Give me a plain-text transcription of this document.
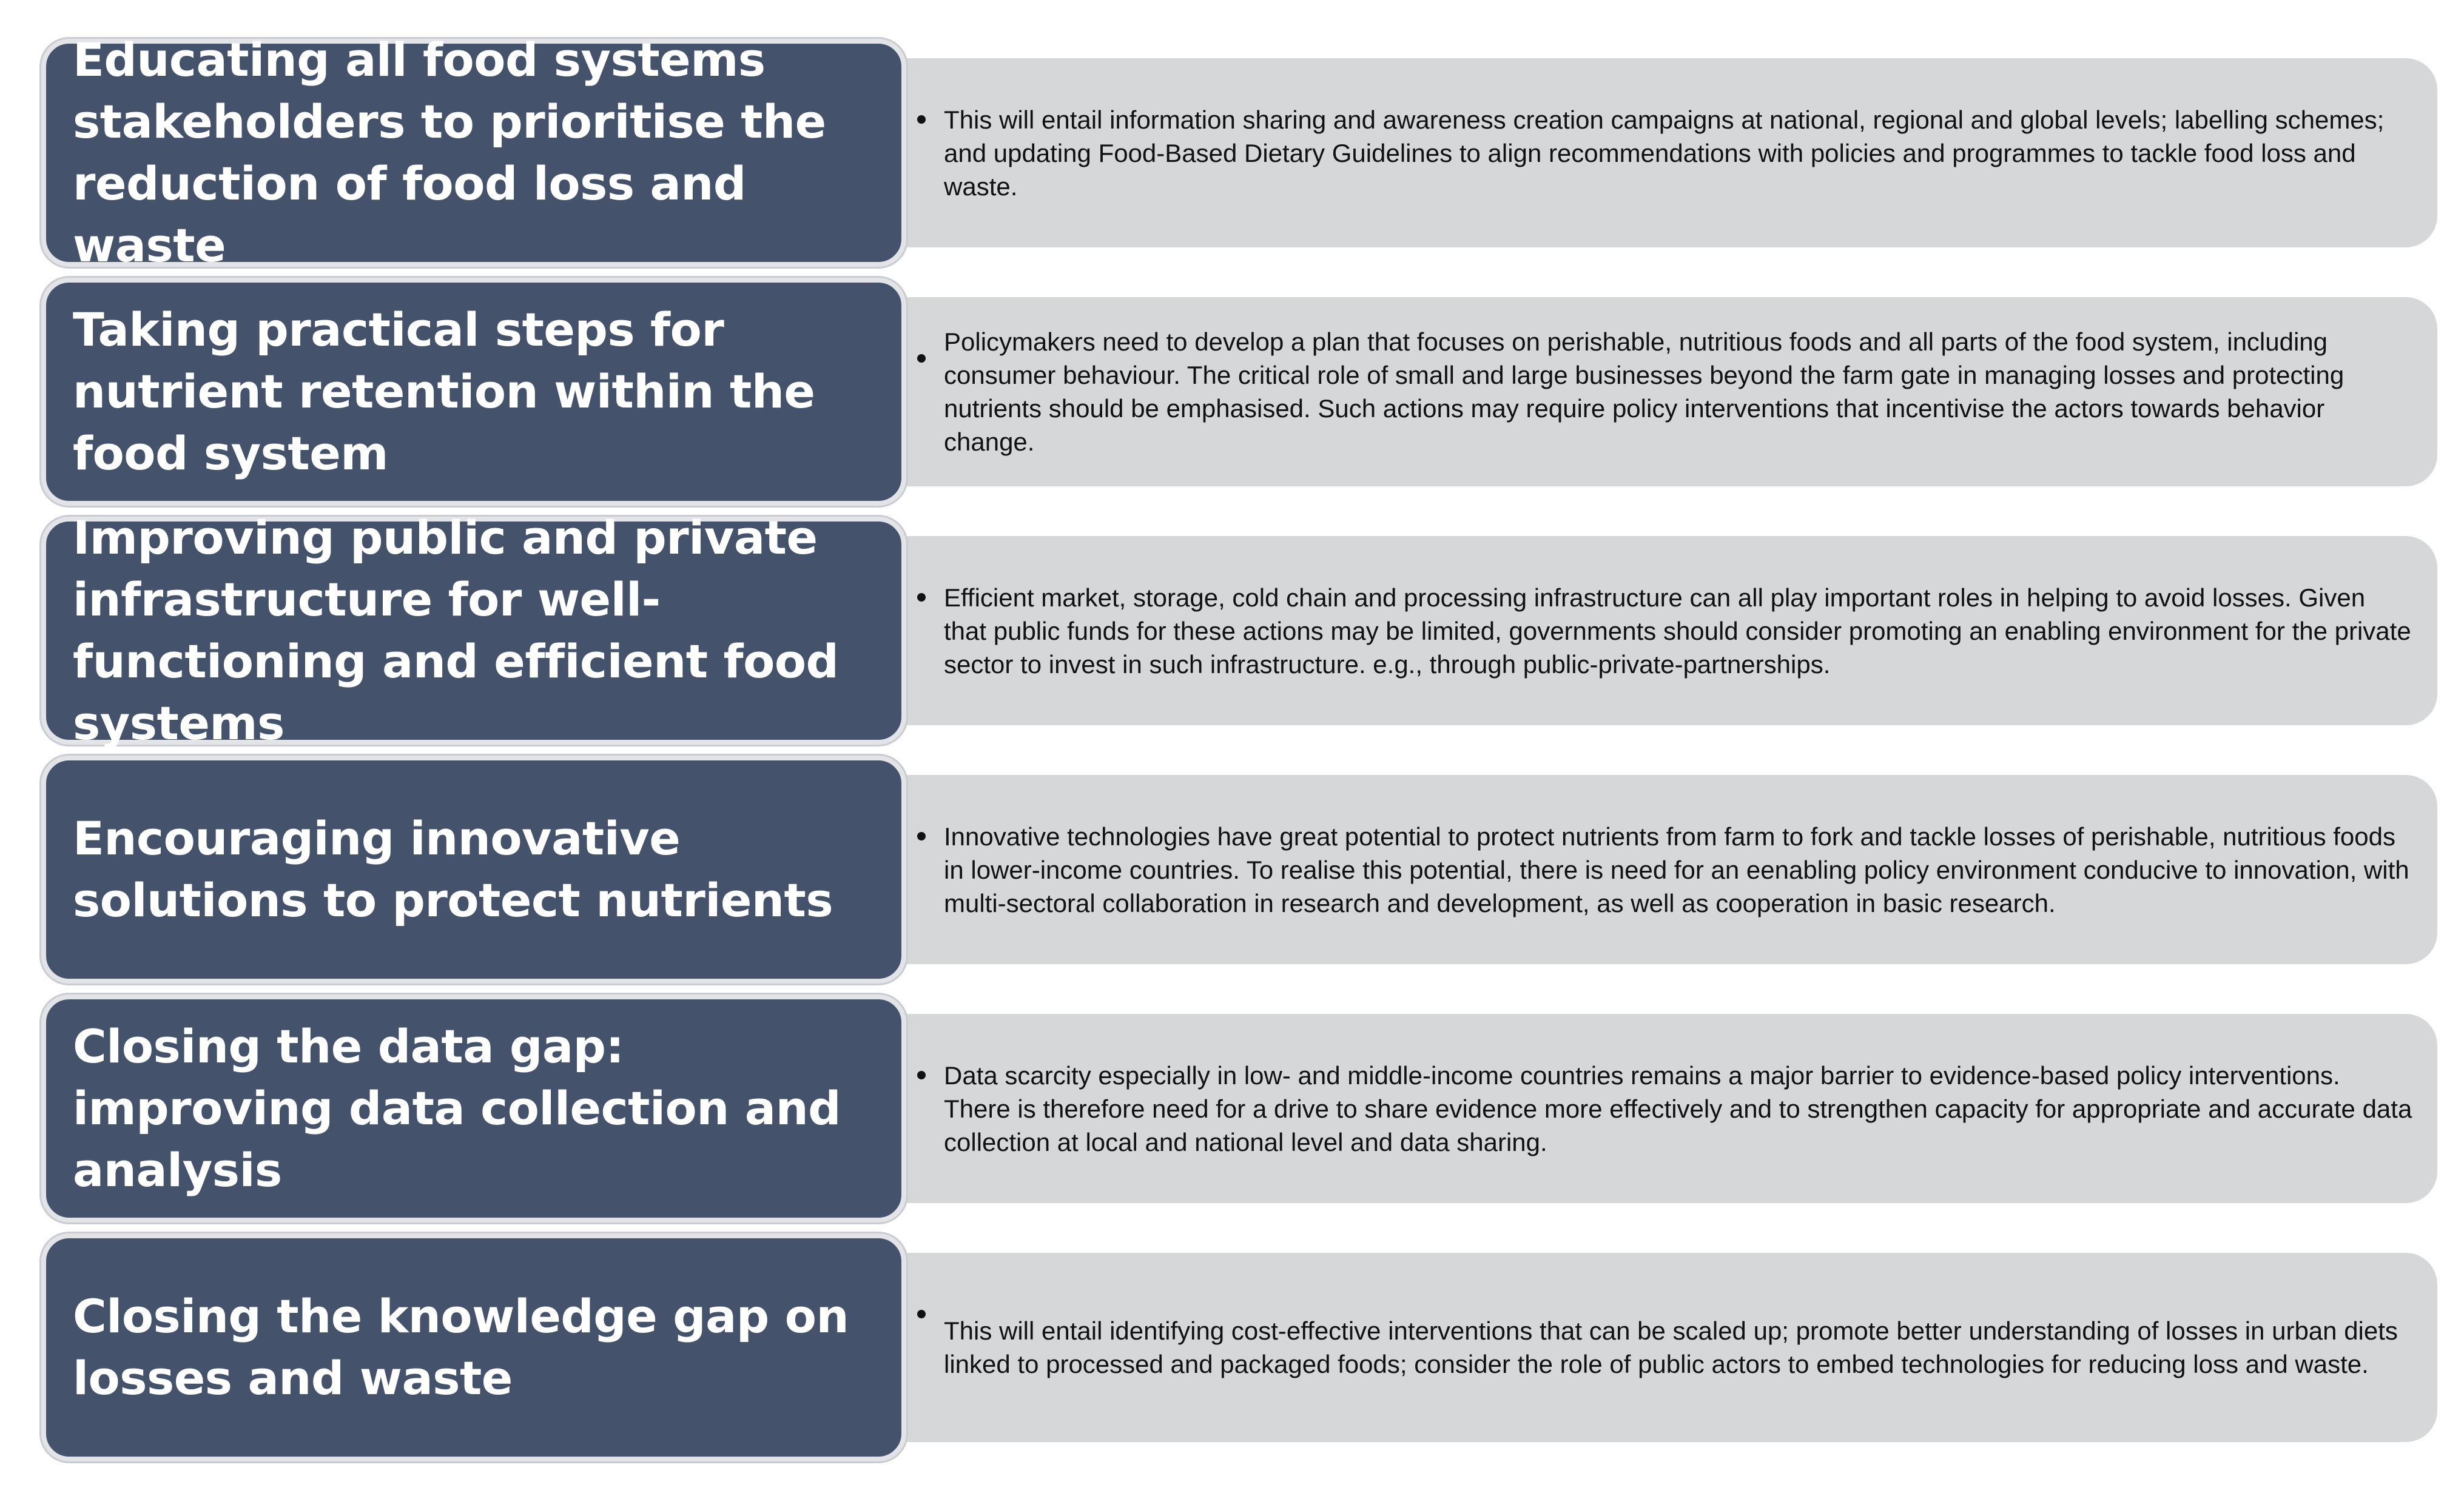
This will entail information sharing and awareness creation campaigns at national, regional and global levels; labelling schemes; and updating Food-Based Dietary Guidelines to align recommendations with policies and programmes to tackle food loss and waste.

Educating all food systems stakeholders to prioritise the reduction of food loss and waste

Policymakers need to develop a plan that focuses on perishable, nutritious foods and all parts of the food system, including consumer behaviour. The critical role of small and large businesses beyond the farm gate in managing losses and protecting nutrients should be emphasised. Such actions may require policy interventions that incentivise the actors towards behavior change.

Taking practical steps for nutrient retention within the food system

Efficient market, storage, cold chain and processing infrastructure can all play important roles in helping to avoid losses. Given that public funds for these actions may be limited, governments should consider promoting an enabling environment for the private sector to invest in such infrastructure. e.g., through public-private-partnerships.

Improving public and private infrastructure for well-functioning and efficient food systems

Innovative technologies have great potential to protect nutrients from farm to fork and tackle losses of perishable, nutritious foods in lower-income countries. To realise this potential, there is need for an eenabling policy environment conducive to innovation, with multi-sectoral collaboration in research and development, as well as cooperation in basic research.

Encouraging innovative solutions to protect nutrients

Data scarcity especially in low- and middle-income countries remains a major barrier to evidence-based policy interventions. There is therefore need for a drive to share evidence more effectively and to strengthen capacity for appropriate and accurate data collection at local and national level and data sharing.

Closing the data gap: improving data collection and analysis

This will entail identifying cost-effective interventions that can be scaled up; promote better understanding of losses in urban diets linked to processed and packaged foods; consider the role of public actors to embed technologies for reducing loss and waste.

Closing the knowledge gap on losses and waste
